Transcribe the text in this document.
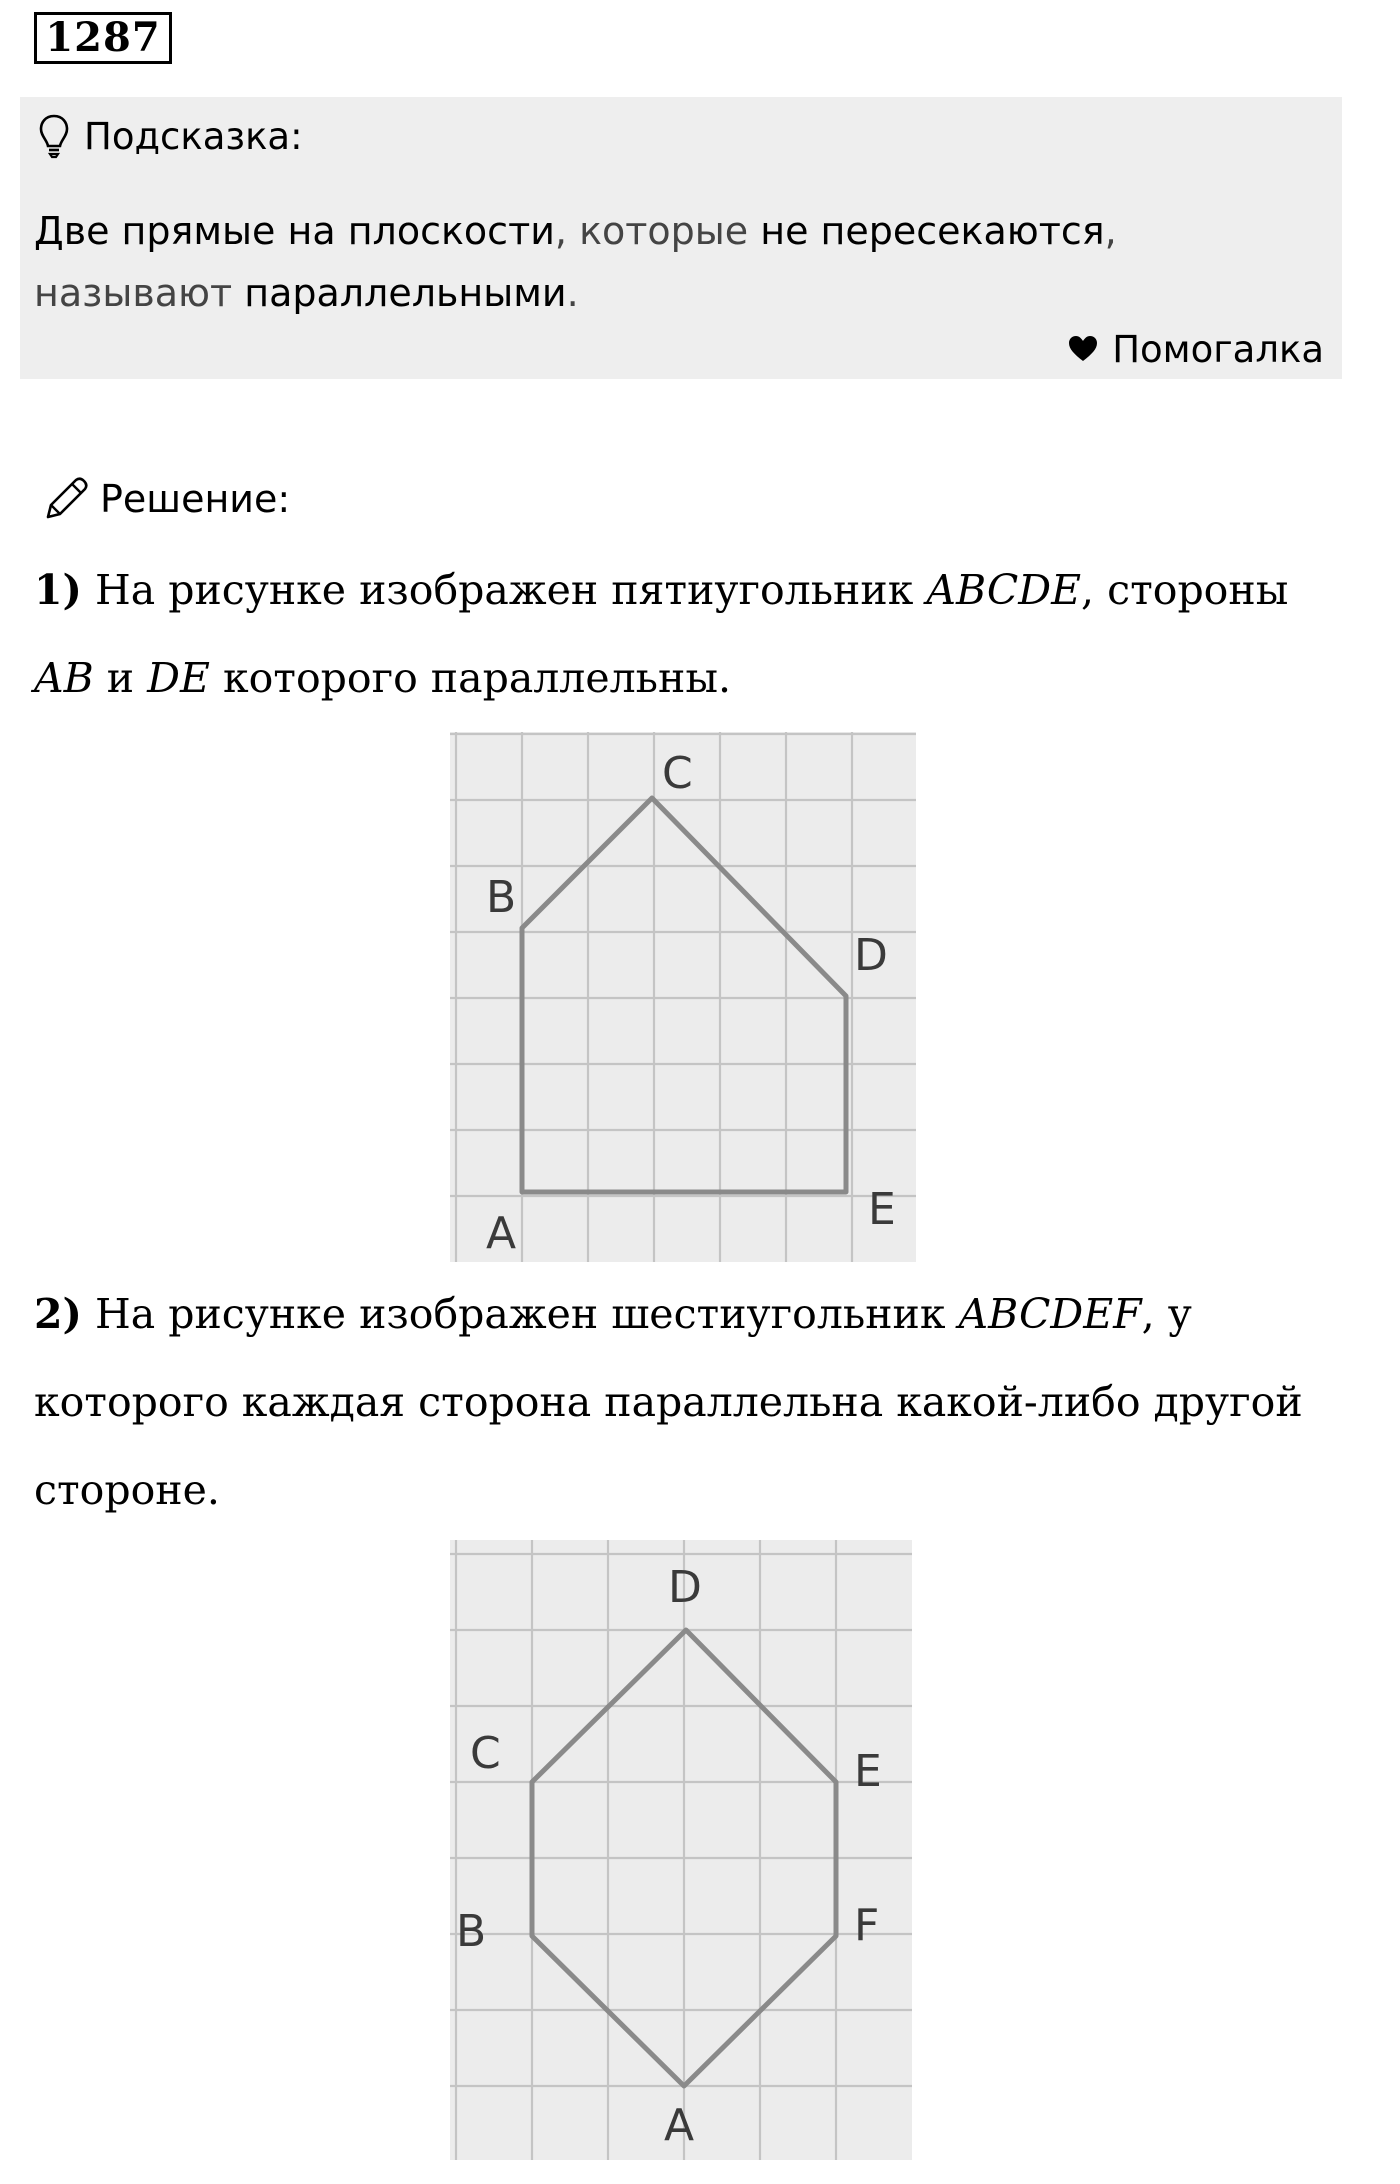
1287
Подсказка:
Две прямые на плоскости, которые не пересекаются,
называют параллельными.
Помогалка
Решение:
1) На рисунке изображен пятиугольник ABCDE, стороны
AB и DE которого параллельны.
C
B
D
E
A
2) На рисунке изображен шестиугольник ABCDEF, у
которого каждая сторона параллельна какой-либо другой
стороне.
D
C	E
B	F
A
